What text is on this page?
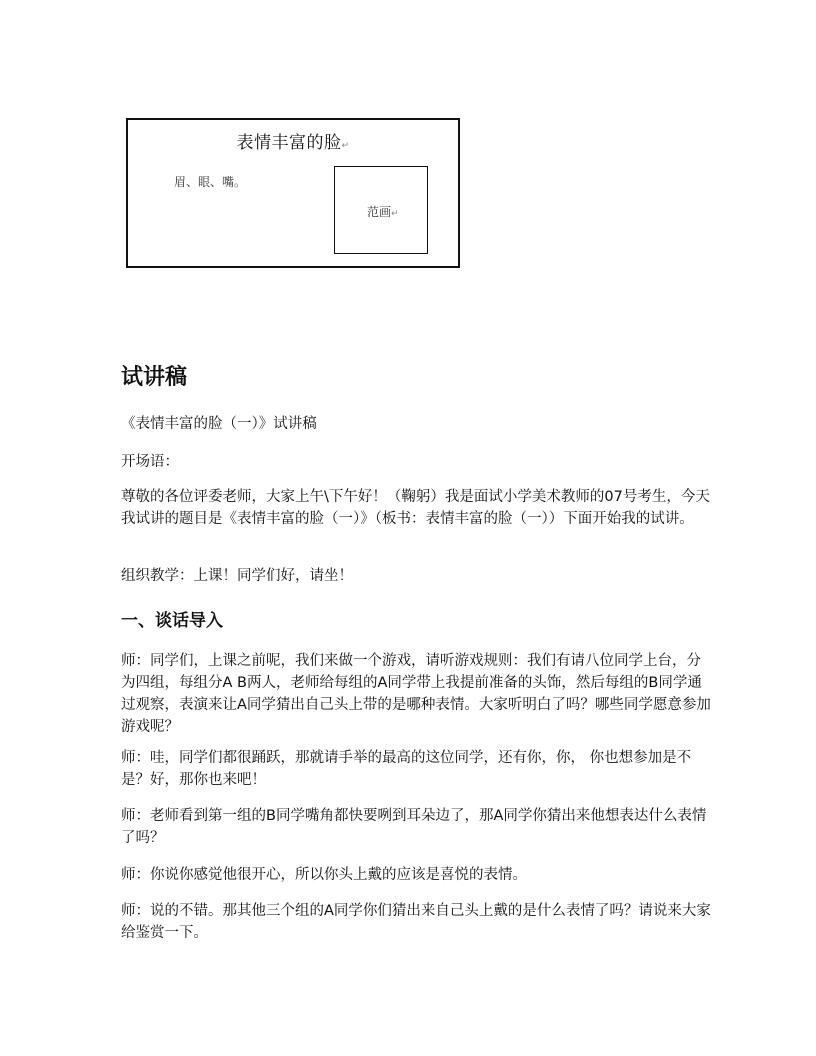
表情丰富的脸↵
眉、眼、嘴。
范画↵
试讲稿

《表情丰富的脸（一）》试讲稿

开场语：

尊敬的各位评委老师，大家上午\下午好！（鞠躬）我是面试小学美术教师的07号考生，今天我试讲的题目是《表情丰富的脸（一）》（板书：表情丰富的脸（一））下面开始我的试讲。

组织教学：上课！同学们好，请坐！

一、谈话导入

师：同学们，上课之前呢，我们来做一个游戏，请听游戏规则：我们有请八位同学上台，分为四组，每组分A B两人，老师给每组的A同学带上我提前准备的头饰，然后每组的B同学通过观察，表演来让A同学猜出自己头上带的是哪种表情。大家听明白了吗？哪些同学愿意参加游戏呢？

师：哇，同学们都很踊跃，那就请手举的最高的这位同学，还有你，你， 你也想参加是不是？好，那你也来吧！

师：老师看到第一组的B同学嘴角都快要咧到耳朵边了，那A同学你猜出来他想表达什么表情了吗？

师：你说你感觉他很开心，所以你头上戴的应该是喜悦的表情。

师：说的不错。那其他三个组的A同学你们猜出来自己头上戴的是什么表情了吗？请说来大家给鉴赏一下。
